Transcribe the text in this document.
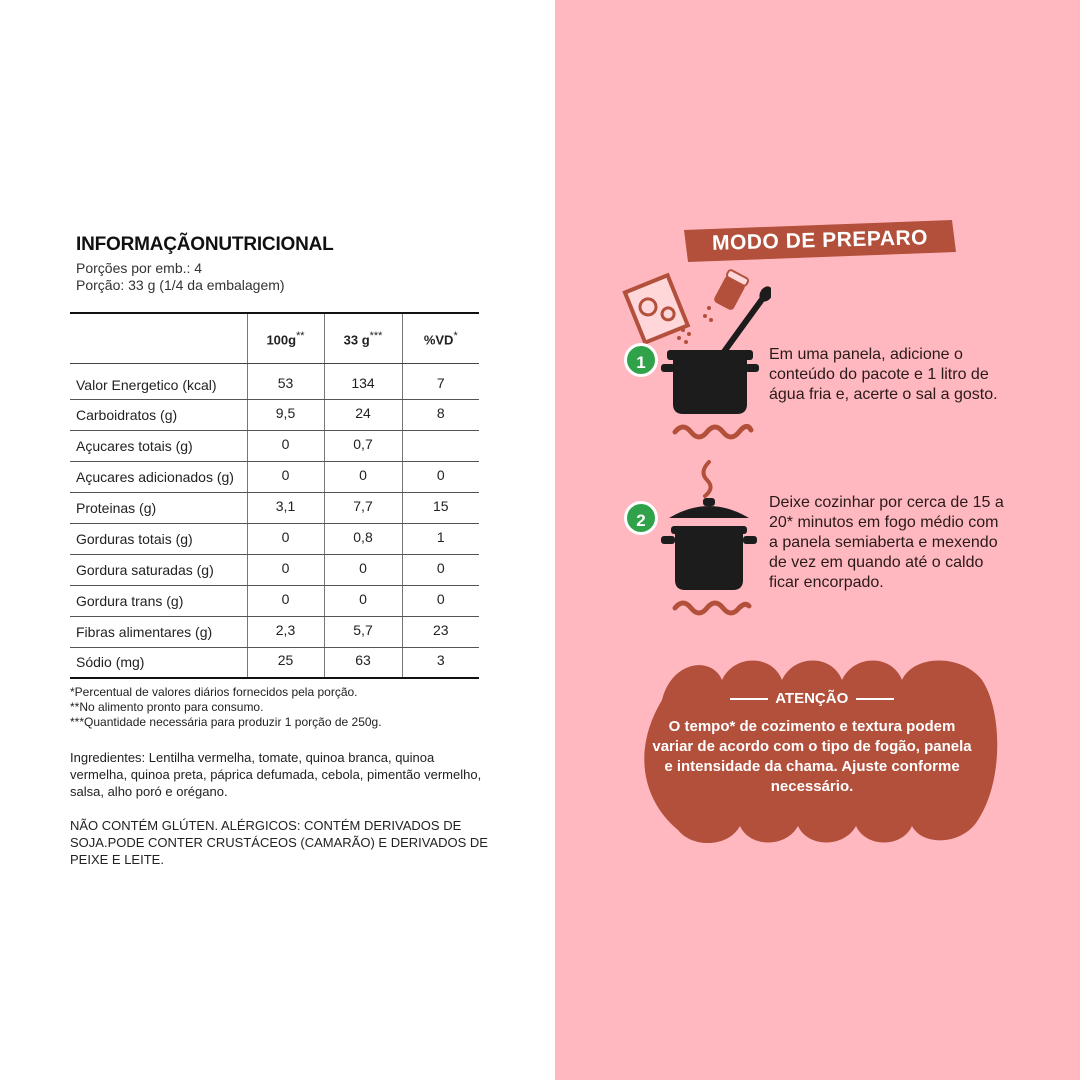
INFORMAÇÃONUTRICIONAL
Porções por emb.: 4
Porção: 33 g (1/4 da embalagem)
	100g**	33 g***	%VD*
Valor Energetico (kcal)	53	134	7
Carboidratos (g)	9,5	24	8
Açucares totais (g)	0	0,7	
Açucares adicionados (g)	0	0	0
Proteinas (g)	3,1	7,7	15
Gorduras totais (g)	0	0,8	1
Gordura saturadas (g)	0	0	0
Gordura trans (g)	0	0	0
Fibras alimentares (g)	2,3	5,7	23
Sódio (mg)	25	63	3
*Percentual de valores diários fornecidos pela porção.
**No alimento pronto para consumo.
***Quantidade necessária para produzir 1 porção de 250g.
Ingredientes: Lentilha vermelha, tomate, quinoa branca, quinoa vermelha, quinoa preta, páprica defumada, cebola, pimentão vermelho, salsa, alho poró e orégano.
NÃO CONTÉM GLÚTEN. ALÉRGICOS: CONTÉM DERIVADOS DE SOJA.PODE CONTER CRUSTÁCEOS (CAMARÃO) E DERIVADOS DE PEIXE E LEITE.
MODO DE PREPARO
1	Em uma panela, adicione o conteúdo do pacote e 1 litro de água fria e, acerte o sal a gosto.
2
Deixe cozinhar por cerca de 15 a 20* minutos em fogo médio com a panela semiaberta e mexendo de vez em quando até o caldo ficar encorpado.
ATENÇÃO
O tempo* de cozimento e textura podem variar de acordo com o tipo de fogão, panela e intensidade da chama. Ajuste conforme necessário.
